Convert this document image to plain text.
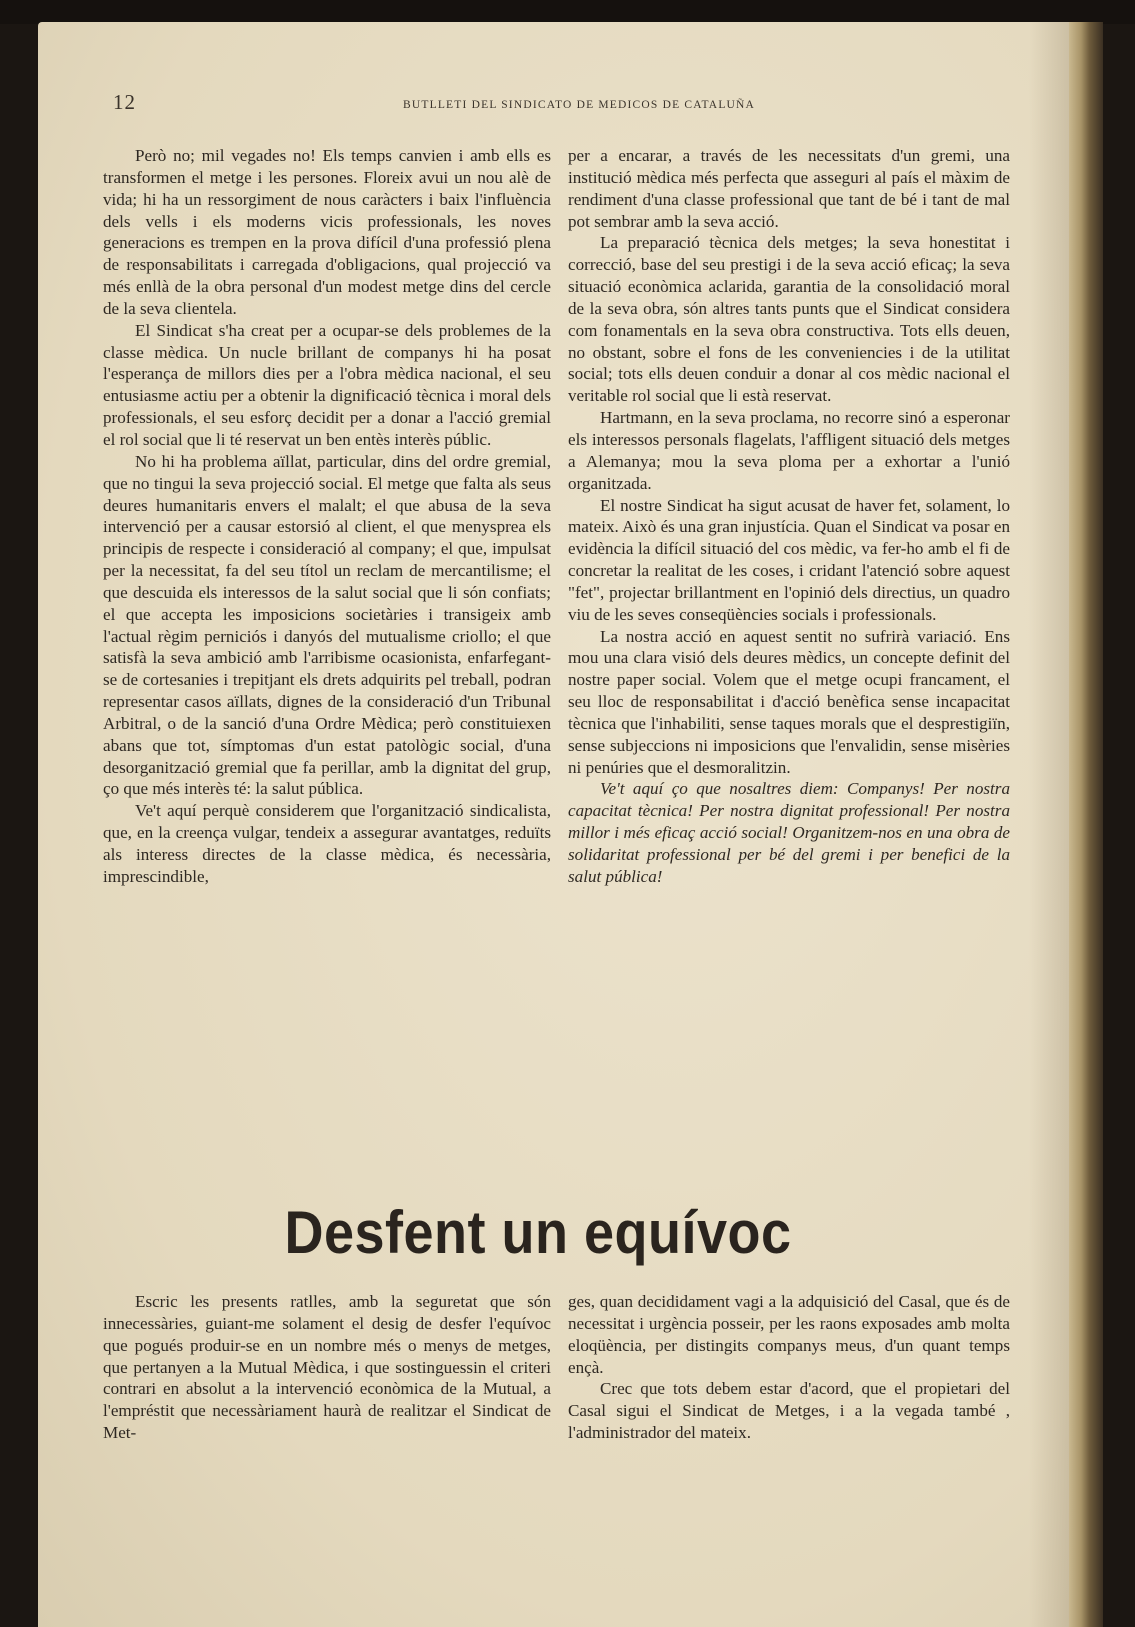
12	BUTLLETI DEL SINDICATO DE MEDICOS DE CATALUÑA

Però no; mil vegades no! Els temps canvien i amb ells es transformen el metge i les persones. Floreix avui un nou alè de vida; hi ha un ressorgiment de nous caràcters i baix l'influència dels vells i els moderns vicis professionals, les noves generacions es trempen en la prova difícil d'una professió plena de responsabilitats i carregada d'obligacions, qual projecció va més enllà de la obra personal d'un modest metge dins del cercle de la seva clientela.

El Sindicat s'ha creat per a ocupar-se dels problemes de la classe mèdica. Un nucle brillant de companys hi ha posat l'esperança de millors dies per a l'obra mèdica nacional, el seu entusiasme actiu per a obtenir la dignificació tècnica i moral dels professionals, el seu esforç decidit per a donar a l'acció gremial el rol social que li té reservat un ben entès interès públic.

No hi ha problema aïllat, particular, dins del ordre gremial, que no tingui la seva projecció social. El metge que falta als seus deures humanitaris envers el malalt; el que abusa de la seva intervenció per a causar estorsió al client, el que menysprea els principis de respecte i consideració al company; el que, impulsat per la necessitat, fa del seu títol un reclam de mercantilisme; el que descuida els interessos de la salut social que li són confiats; el que accepta les imposicions societàries i transigeix amb l'actual règim perniciós i danyós del mutualisme criollo; el que satisfà la seva ambició amb l'arribisme ocasionista, enfarfegant-se de cortesanies i trepitjant els drets adquirits pel treball, podran representar casos aïllats, dignes de la consideració d'un Tribunal Arbitral, o de la sanció d'una Ordre Mèdica; però constituiexen abans que tot, símptomas d'un estat patològic social, d'una desorganització gremial que fa perillar, amb la dignitat del grup, ço que més interès té: la salut pública.

Ve't aquí perquè considerem que l'organització sindicalista, que, en la creença vulgar, tendeix a assegurar avantatges, reduïts als interess directes de la classe mèdica, és necessària, imprescindible,

per a encarar, a través de les necessitats d'un gremi, una institució mèdica més perfecta que asseguri al país el màxim de rendiment d'una classe professional que tant de bé i tant de mal pot sembrar amb la seva acció.

La preparació tècnica dels metges; la seva honestitat i correcció, base del seu prestigi i de la seva acció eficaç; la seva situació econòmica aclarida, garantia de la consolidació moral de la seva obra, són altres tants punts que el Sindicat considera com fonamentals en la seva obra constructiva. Tots ells deuen, no obstant, sobre el fons de les conveniencies i de la utilitat social; tots ells deuen conduir a donar al cos mèdic nacional el veritable rol social que li està reservat.

Hartmann, en la seva proclama, no recorre sinó a esperonar els interessos personals flagelats, l'affligent situació dels metges a Alemanya; mou la seva ploma per a exhortar a l'unió organitzada.

El nostre Sindicat ha sigut acusat de haver fet, solament, lo mateix. Això és una gran injustícia. Quan el Sindicat va posar en evidència la difícil situació del cos mèdic, va fer-ho amb el fi de concretar la realitat de les coses, i cridant l'atenció sobre aquest "fet", projectar brillantment en l'opinió dels directius, un quadro viu de les seves conseqüències socials i professionals.

La nostra acció en aquest sentit no sufrirà variació. Ens mou una clara visió dels deures mèdics, un concepte definit del nostre paper social. Volem que el metge ocupi francament, el seu lloc de responsabilitat i d'acció benèfica sense incapacitat tècnica que l'inhabiliti, sense taques morals que el desprestigiïn, sense subjeccions ni imposicions que l'envalidin, sense misèries ni penúries que el desmoralitzin.

Ve't aquí ço que nosaltres diem: Companys! Per nostra capacitat tècnica! Per nostra dignitat professional! Per nostra millor i més eficaç acció social! Organitzem-nos en una obra de solidaritat professional per bé del gremi i per benefici de la salut pública!

Desfent un equívoc

Escric les presents ratlles, amb la seguretat que són innecessàries, guiant-me solament el desig de desfer l'equívoc que pogués produir-se en un nombre més o menys de metges, que pertanyen a la Mutual Mèdica, i que sostinguessin el criteri contrari en absolut a la intervenció econòmica de la Mutual, a l'empréstit que necessàriament haurà de realitzar el Sindicat de Met-

ges, quan decididament vagi a la adquisició del Casal, que és de necessitat i urgència posseir, per les raons exposades amb molta eloqüència, per distingits companys meus, d'un quant temps ençà.

Crec que tots debem estar d'acord, que el propietari del Casal sigui el Sindicat de Metges, i a la vegada també , l'administrador del mateix.
